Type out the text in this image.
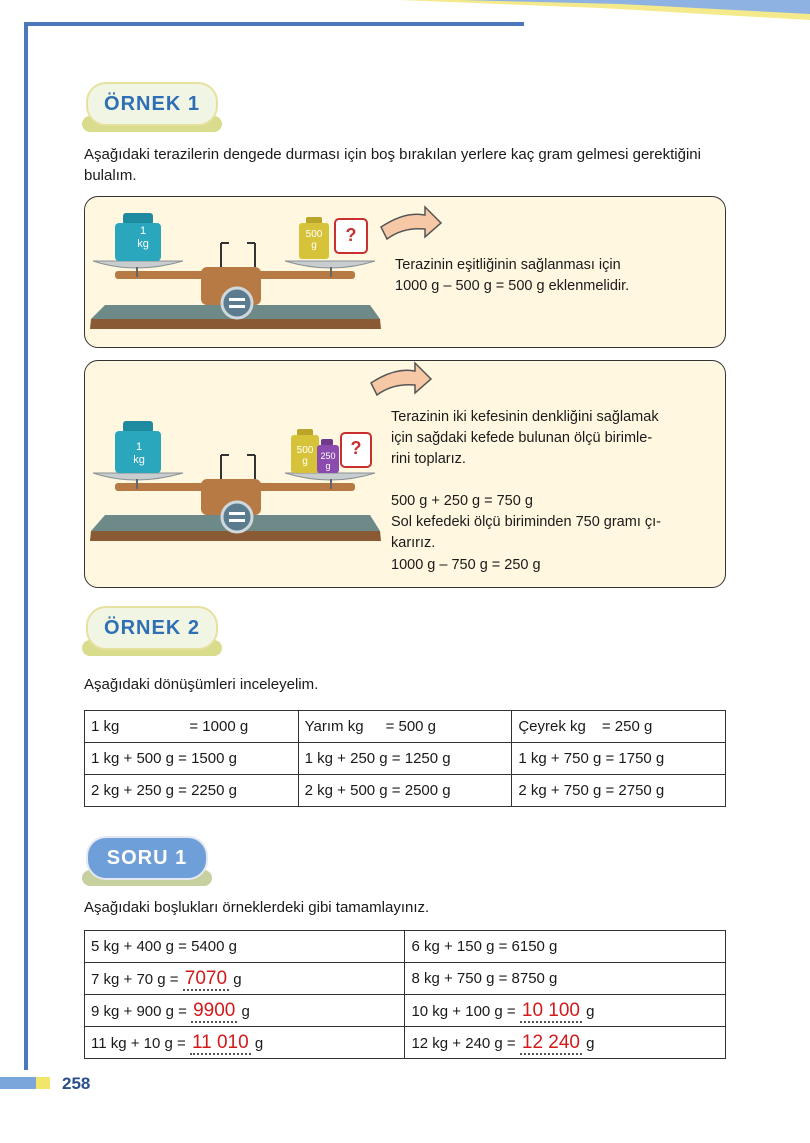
ÖRNEK 1
Aşağıdaki terazilerin dengede durması için boş bırakılan yerlere kaç gram gelmesi gerektiğini bulalım.
1
kg
500
g
?
Terazinin eşitliğinin sağlanması için
1000 g – 500 g = 500 g eklenmelidir.
1
kg
500
g	250
g
?
Terazinin iki kefesinin denkliğini sağlamak
için sağdaki kefede bulunan ölçü birimle-
rini toplarız.
500 g + 250 g = 750 g
Sol kefedeki ölçü biriminden 750 gramı çı-
karırız.
1000 g – 750 g = 250 g
ÖRNEK 2
Aşağıdaki dönüşümleri inceleyelim.
1 kg = 1000 g	Yarım kg = 500 g	Çeyrek kg = 250 g
1 kg + 500 g = 1500 g	1 kg + 250 g = 1250 g	1 kg + 750 g = 1750 g
2 kg + 250 g = 2250 g	2 kg + 500 g = 2500 g	2 kg + 750 g = 2750 g
SORU 1
Aşağıdaki boşlukları örneklerdeki gibi tamamlayınız.
5 kg + 400 g = 5400 g	6 kg + 150 g = 6150 g
7 kg + 70 g = 7070 g	8 kg + 750 g = 8750 g
9 kg + 900 g = 9900 g	10 kg + 100 g = 10 100 g
11 kg + 10 g = 11 010 g	12 kg + 240 g = 12 240 g
258
